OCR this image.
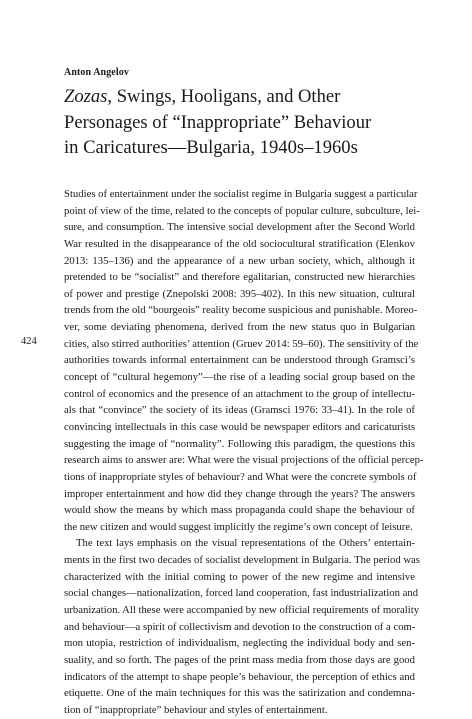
Anton Angelov
Zozas, Swings, Hooligans, and Other
Personages of “Inappropriate” Behaviour
in Caricatures—Bulgaria, 1940s–1960s
424
Studies of entertainment under the socialist regime in Bulgaria suggest a particular
point of view of the time, related to the concepts of popular culture, subculture, lei-
sure, and consumption. The intensive social development after the Second World
War resulted in the disappearance of the old sociocultural stratification (Elenkov
2013: 135–136) and the appearance of a new urban society, which, although it
pretended to be “socialist” and therefore egalitarian, constructed new hierarchies
of power and prestige (Znepolski 2008: 395–402). In this new situation, cultural
trends from the old “bourgeois” reality become suspicious and punishable. Moreo-
ver, some deviating phenomena, derived from the new status quo in Bulgarian
cities, also stirred authorities’ attention (Gruev 2014: 59–60). The sensitivity of the
authorities towards informal entertainment can be understood through Gramsci’s
concept of “cultural hegemony”—the rise of a leading social group based on the
control of economics and the presence of an attachment to the group of intellectu-
als that “convince” the society of its ideas (Gramsci 1976: 33–41). In the role of
convincing intellectuals in this case would be newspaper editors and caricaturists
suggesting the image of “normality”. Following this paradigm, the questions this
research aims to answer are: What were the visual projections of the official percep-
tions of inappropriate styles of behaviour? and What were the concrete symbols of
improper entertainment and how did they change through the years? The answers
would show the means by which mass propaganda could shape the behaviour of
the new citizen and would suggest implicitly the regime’s own concept of leisure.
The text lays emphasis on the visual representations of the Others’ entertain-
ments in the first two decades of socialist development in Bulgaria. The period was
characterized with the initial coming to power of the new regime and intensive
social changes—nationalization, forced land cooperation, fast industrialization and
urbanization. All these were accompanied by new official requirements of morality
and behaviour—a spirit of collectivism and devotion to the construction of a com-
mon utopia, restriction of individualism, neglecting the individual body and sen-
suality, and so forth. The pages of the print mass media from those days are good
indicators of the attempt to shape people’s behaviour, the perception of ethics and
etiquette. One of the main techniques for this was the satirization and condemna-
tion of “inappropriate” behaviour and styles of entertainment.
